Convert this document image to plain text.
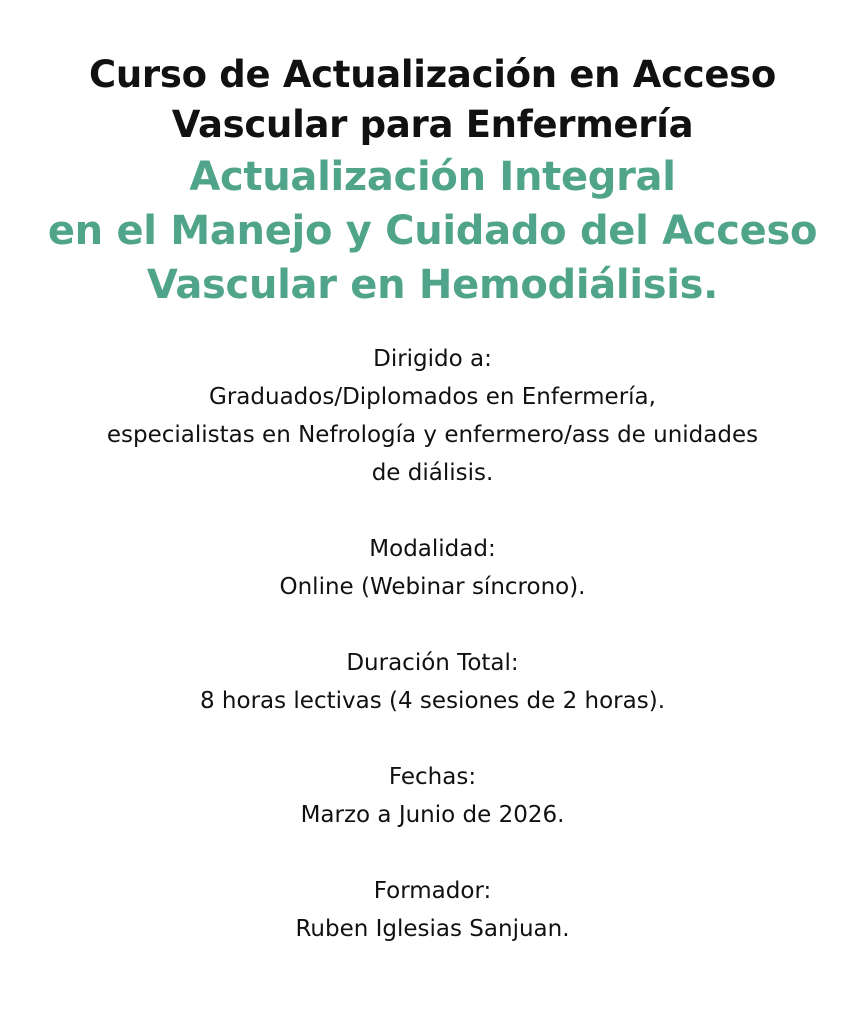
Curso de Actualización en Acceso
Vascular para Enfermería
Actualización Integral
en el Manejo y Cuidado del Acceso
Vascular en Hemodiálisis.
Dirigido a:
Graduados/Diplomados en Enfermería,
especialistas en Nefrología y enfermero/ass de unidades
de diálisis.
Modalidad:
Online (Webinar síncrono).
Duración Total:
8 horas lectivas (4 sesiones de 2 horas).
Fechas:
Marzo a Junio de 2026.
Formador:
Ruben Iglesias Sanjuan.
